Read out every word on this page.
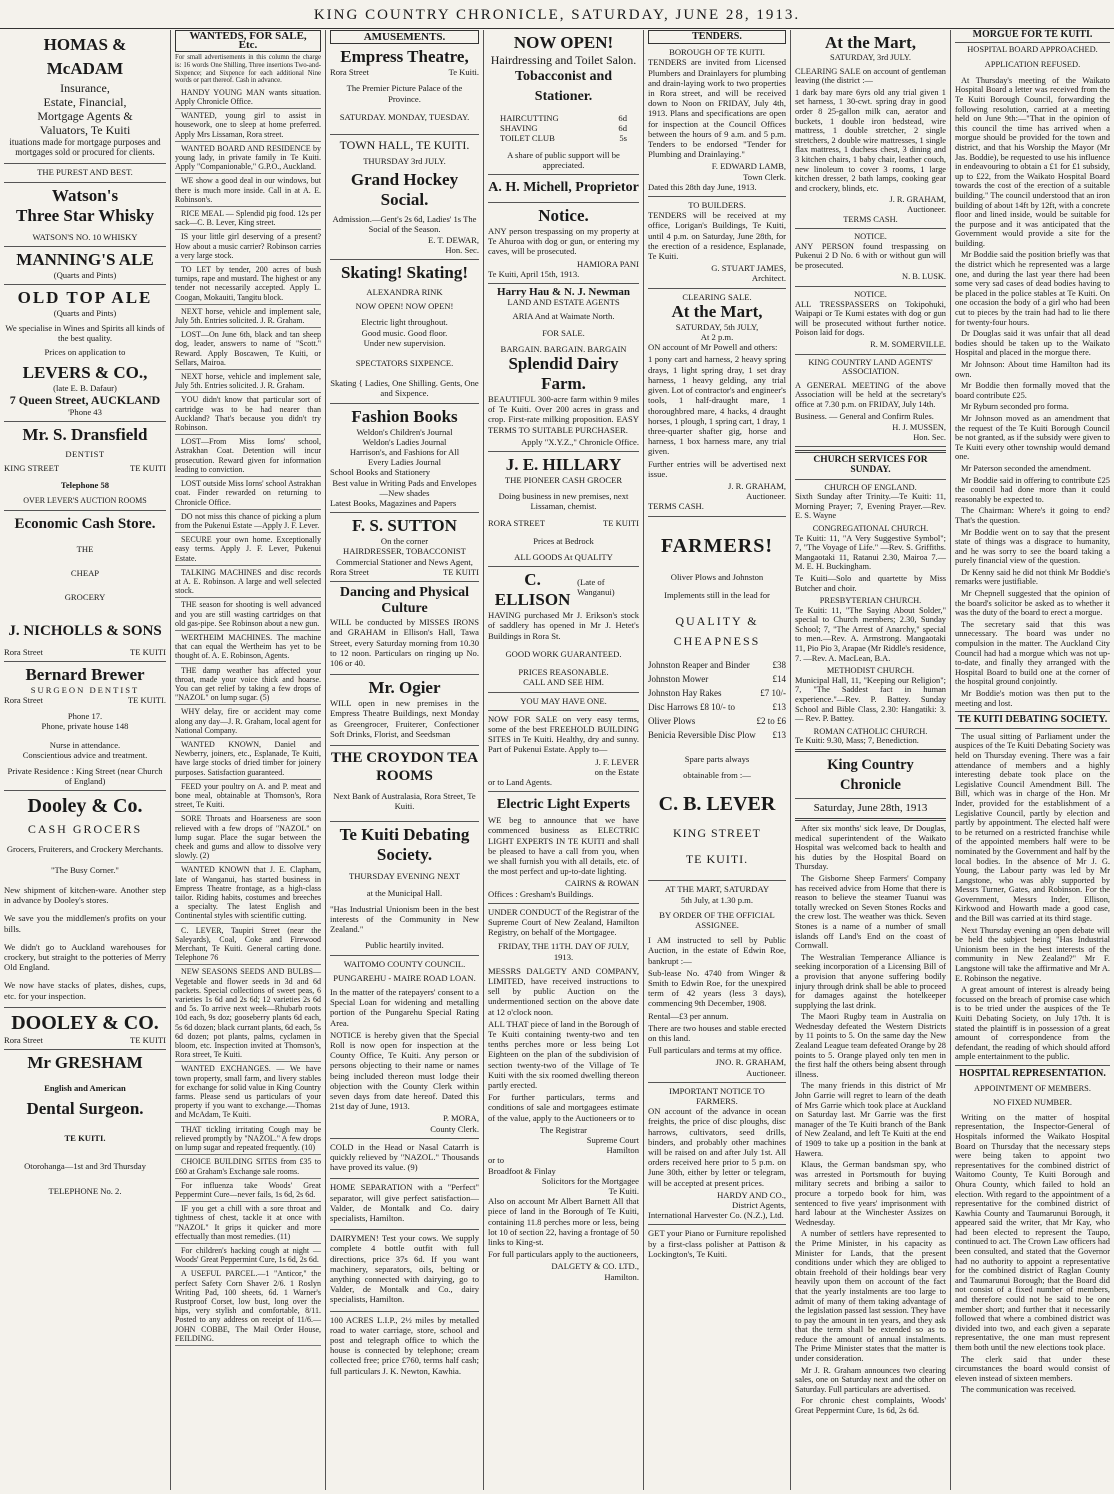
KING COUNTRY CHRONICLE, SATURDAY, JUNE 28, 1913.
HOMAS & McADAM
Insurance,
Estate, Financial,
Mortgage Agents &
Valuators, Te Kuiti

ituations made for mortgage purposes and mortgages sold or procured for clients.

THE PUREST AND BEST.
Watson's
Three Star Whisky
WATSON'S NO. 10 WHISKY
MANNING'S ALE
(Quarts and Pints)
OLD TOP ALE
(Quarts and Pints)

We specialise in Wines and Spirits all kinds of the best quality.

Prices on application to
LEVERS & CO.,
(late E. B. Dafaur)
7 Queen Street, AUCKLAND
'Phone 43
Mr. S. Dransfield
DENTIST
KING STREET	TE KUITI
Telephone 58
OVER LEVER'S AUCTION ROOMS
Economic Cash Store.
THE
CHEAP
GROCERY
J. NICHOLLS & SONS
Rora Street	TE KUITI
Bernard Brewer
SURGEON DENTIST
Rora Street	TE KUITI.
Phone 17.
Phone, private house 148
Nurse in attendance.
Conscientious advice and treatment.
Private Residence : King Street (near Church of England)
Dooley & Co.
CASH GROCERS
Grocers, Fruiterers, and Crockery Merchants.
"The Busy Corner."

New shipment of kitchen-ware. Another step in advance by Dooley's stores.

We save you the middlemen's profits on your bills.

We didn't go to Auckland warehouses for crockery, but straight to the potteries of Merry Old England.

We now have stacks of plates, dishes, cups, etc. for your inspection.

DOOLEY & CO.
Rora Street	TE KUITI
Mr GRESHAM
English and American
Dental Surgeon.
TE KUITI.
Otorohanga—1st and 3rd Thursday
TELEPHONE No. 2.
WANTEDS, FOR SALE, Etc.

For small advertisements in this column the charge is: 16 words One Shilling, Three insertions Two-and-Sixpence; and Sixpence for each additional Nine words or part thereof. Cash in advance.

HANDY YOUNG MAN wants situation. Apply Chronicle Office.

WANTED, young girl to assist in housework, one to sleep at home preferred. Apply Mrs Lissaman, Rora street.

WANTED BOARD AND RESIDENCE by young lady, in private family in Te Kuiti. Apply "Companionable," G.P.O., Auckland.

WE show a good deal in our windows, but there is much more inside. Call in at A. E. Robinson's.

RICE MEAL — Splendid pig food. 12s per sack—C. B. Lever, King street.

IS your little girl deserving of a present? How about a music carrier? Robinson carries a very large stock.

TO LET by tender, 200 acres of bush turnips, rape and mustard. The highest or any tender not necessarily accepted. Apply L. Coogan, Mokauiti, Tangitu block.

NEXT horse, vehicle and implement sale, July 5th. Entries solicited. J. R. Graham.

LOST—On June 6th, black and tan sheep dog, leader, answers to name of "Scott." Reward. Apply Boscawen, Te Kuiti, or Sellars, Mairoa.

NEXT horse, vehicle and implement sale, July 5th. Entries solicited. J. R. Graham.

YOU didn't know that particular sort of cartridge was to be had nearer than Auckland? That's because you didn't try Robinson.

LOST—From Miss Iorns' school, Astrakhan Coat. Detention will incur prosecution. Reward given for information leading to conviction.

LOST outside Miss Iorns' school Astrakhan coat. Finder rewarded on returning to Chronicle Office.

DO not miss this chance of picking a plum from the Pukenui Estate —Apply J. F. Lever.

SECURE your own home. Exceptionally easy terms. Apply J. F. Lever, Pukenui Estate.

TALKING MACHINES and disc records at A. E. Robinson. A large and well selected stock.

THE season for shooting is well advanced and you are still wasting cartridges on that old gas-pipe. See Robinson about a new gun.

WERTHEIM MACHINES. The machine that can equal the Wertheim has yet to be thought of. A. E. Robinson, Agents.

THE damp weather has affected your throat, made your voice thick and hoarse. You can get relief by taking a few drops of "NAZOL" on lump sugar. (5)

WHY delay, fire or accident may come along any day—J. R. Graham, local agent for National Company.

WANTED KNOWN, Daniel and Newberry, joiners, etc., Esplanade, Te Kuiti, have large stocks of dried timber for joinery purposes. Satisfaction guaranteed.

FEED your poultry on A. and P. meat and bone meal, obtainable at Thomson's, Rora street, Te Kuiti.

SORE Throats and Hoarseness are soon relieved with a few drops of "NAZOL" on lump sugar. Place the sugar between the cheek and gums and allow to dissolve very slowly. (2)

WANTED KNOWN that J. E. Clapham, late of Wanganui, has started business in Empress Theatre frontage, as a high-class tailor. Riding habits, costumes and breeches a specialty. The latest English and Continental styles with scientific cutting.

C. LEVER, Taupiri Street (near the Saleyards), Coal, Coke and Firewood Merchant, Te Kuiti. General carting done. Telephone 76

NEW SEASONS SEEDS AND BULBS—Vegetable and flower seeds in 3d and 6d packets. Special collections of sweet peas, 6 varieties 1s 6d and 2s 6d; 12 varieties 2s 6d and 5s. To arrive next week—Rhubarb roots 10d each, 9s doz; gooseberry plants 6d each, 5s 6d dozen; black currant plants, 6d each, 5s 6d dozen; pot plants, palms, cyclamen in bloom, etc. Inspection invited at Thomson's, Rora street, Te Kuiti.

WANTED EXCHANGES. — We have town property, small farm, and livery stables for exchange for solid value in King Country farms. Please send us particulars of your property if you want to exchange.—Thomas and McAdam, Te Kuiti.

THAT tickling irritating Cough may be relieved promptly by "NAZOL." A few drops on lump sugar and repeated frequently. (10)

CHOICE BUILDING SITES from £35 to £60 at Graham's Exchange sale rooms.

For influenza take Woods' Great Peppermint Cure—never fails, 1s 6d, 2s 6d.

IF you get a chill with a sore throat and tightness of chest, tackle it at once with "NAZOL" It grips it quicker and more effectually than most remedies. (11)

For children's hacking cough at night — Woods' Great Peppermint Cure, 1s 6d, 2s 6d.

A USEFUL PARCEL.—1 "Anticor," the perfect Safety Corn Shaver 2/6. 1 Roslyn Writing Pad, 100 sheets, 6d. 1 Warner's Rustproof Corset, low bust, long over the hips, very stylish and comfortable, 8/11. Posted to any address on receipt of 11/6.—JOHN COBBE, The Mail Order House, FEILDING.

AMUSEMENTS.
Empress Theatre,
Rora Street	Te Kuiti.
The Premier Picture Palace of the Province.
SATURDAY. MONDAY, TUESDAY.
TOWN HALL, TE KUITI.
THURSDAY 3rd JULY.
Grand Hockey Social.
Admission.—Gent's 2s 6d, Ladies' 1s The Social of the Season.
E. T. DEWAR,
Hon. Sec.
Skating! Skating!
ALEXANDRA RINK
NOW OPEN! NOW OPEN!
Electric light throughout.
Good music. Good floor.
Under new supervision.
SPECTATORS SIXPENCE.
Skating { Ladies, One Shilling. Gents, One and Sixpence.
Fashion Books
Weldon's Children's Journal
Weldon's Ladies Journal
Harrison's, and Fashions for All
Every Ladies Journal
School Books and Stationery
Best value in Writing Pads and Envelopes—New shades
Latest Books, Magazines and Papers
F. S. SUTTON
On the corner
HAIRDRESSER, TOBACCONIST
Commercial Stationer and News Agent,
Rora Street	TE KUITI
Dancing and Physical Culture

WILL be conducted by MISSES IRONS and GRAHAM in Ellison's Hall, Tawa Street, every Saturday morning from 10.30 to 12 noon. Particulars on ringing up No. 106 or 40.

Mr. Ogier

WILL open in new premises in the Empress Theatre Buildings, next Monday as Greengrocer, Fruiterer, Confectioner Soft Drinks, Florist, and Seedsman

THE CROYDON TEA ROOMS
Next Bank of Australasia, Rora Street, Te Kuiti.
Te Kuiti Debating Society.
THURSDAY EVENING NEXT
at the Municipal Hall.

"Has Industrial Unionism been in the best interests of the Community in New Zealand."

Public heartily invited.
WAITOMO COUNTY COUNCIL.
PUNGAREHU - MAIRE ROAD LOAN.

In the matter of the ratepayers' consent to a Special Loan for widening and metalling portion of the Pungarehu Special Rating Area.

NOTICE is hereby given that the Special Roll is now open for inspection at the County Office, Te Kuiti. Any person or persons objecting to their name or names being included thereon must lodge their objection with the County Clerk within seven days from date hereof. Dated this 21st day of June, 1913.

P. MORA,
County Clerk.

COLD in the Head or Nasal Catarrh is quickly relieved by "NAZOL." Thousands have proved its value. (9)

HOME SEPARATION with a "Perfect" separator, will give perfect satisfaction—Valder, de Montalk and Co. dairy specialists, Hamilton.

DAIRYMEN! Test your cows. We supply complete 4 bottle outfit with full directions, price 37s 6d. If you want machinery, separators, oils, belting or anything connected with dairying, go to Valder, de Montalk and Co., dairy specialists, Hamilton.

100 ACRES L.I.P., 2½ miles by metalled road to water carriage, store, school and post and telegraph office to which the house is connected by telephone; cream collected free; price £760, terms half cash; full particulars J. K. Newton, Kawhia.

NOW OPEN!
Hairdressing and Toilet Salon.
Tobacconist and Stationer.
HAIRCUTTING	6d
SHAVING	6d
TOILET CLUB	5s
A share of public support will be appreciated.
A. H. Michell, Proprietor
Notice.

ANY person trespassing on my property at Te Ahuroa with dog or gun, or entering my caves, will be prosecuted.

HAMIORA PANI
Te Kuiti, April 15th, 1913.
Harry Hau & N. J. Newman
LAND AND ESTATE AGENTS
ARIA And at Waimate North.
FOR SALE.
BARGAIN. BARGAIN. BARGAIN
Splendid Dairy Farm.

BEAUTIFUL 300-acre farm within 9 miles of Te Kuiti. Over 200 acres in grass and crop. First-rate milking proposition. EASY TERMS TO SUITABLE PURCHASER.

Apply "X.Y.Z.," Chronicle Office.
J. E. HILLARY
THE PIONEER CASH GROCER
Doing business in new premises, next Lissaman, chemist.
RORA STREET	TE KUITI
Prices at Bedrock
ALL GOODS At QUALITY
C. ELLISON
(Late of Wanganui)

HAVING purchased Mr J. Erikson's stock of saddlery has opened in Mr J. Hetet's Buildings in Rora St.

GOOD WORK GUARANTEED.
PRICES REASONABLE.
CALL AND SEE HIM.
YOU MAY HAVE ONE.

NOW FOR SALE on very easy terms, some of the best FREEHOLD BUILDING SITES in Te Kuiti. Healthy, dry and sunny. Part of Pukenui Estate. Apply to—

J. F. LEVER
on the Estate
or to Land Agents.
Electric Light Experts

WE beg to announce that we have commenced business as ELECTRIC LIGHT EXPERTS IN TE KUITI and shall be pleased to have a call from you, when we shall furnish you with all details, etc. of the most perfect and up-to-date lighting.

CAIRNS & ROWAN
Offices : Gresham's Buildings.

UNDER CONDUCT of the Registrar of the Supreme Court of New Zealand, Hamilton Registry, on behalf of the Mortgagee.

FRIDAY, THE 11TH. DAY OF JULY, 1913.

MESSRS DALGETY AND COMPANY, LIMITED, have received instructions to sell by public Auction on the undermentioned section on the above date at 12 o'clock noon.

ALL THAT piece of land in the Borough of Te Kuiti containing twenty-two and ten tenths perches more or less being Lot Eighteen on the plan of the subdivision of section twenty-two of the Village of Te Kuiti with the six roomed dwelling thereon partly erected.

For further particulars, terms and conditions of sale and mortgagees estimate of the value, apply to the Auctioneers or to

The Registrar
Supreme Court
Hamilton
or to
Broadfoot & Finlay
Solicitors for the Mortgagee
Te Kuiti.

Also on account Mr Albert Barnett All that piece of land in the Borough of Te Kuiti, containing 11.8 perches more or less, being lot 10 of section 22, having a frontage of 50 links to King-st.

For full particulars apply to the auctioneers,

DALGETY & CO. LTD.,
Hamilton.
TENDERS.
BOROUGH OF TE KUITI.

TENDERS are invited from Licensed Plumbers and Drainlayers for plumbing and drain-laying work to two properties in Rora street, and will be received down to Noon on FRIDAY, July 4th, 1913. Plans and specifications are open for inspection at the Council Offices between the hours of 9 a.m. and 5 p.m. Tenders to be endorsed "Tender for Plumbing and Drainlaying."

F. EDWARD LAMB,
Town Clerk.
Dated this 28th day June, 1913.
TO BUILDERS.

TENDERS will be received at my office, Lorigan's Buildings, Te Kuiti, until 4 p.m. on Saturday, June 28th, for the erection of a residence, Esplanade, Te Kuiti.

G. STUART JAMES,
Architect.
CLEARING SALE.
At the Mart,
SATURDAY, 5th JULY,
At 2 p.m.

ON account of Mr Powell and others:

1 pony cart and harness, 2 heavy spring drays, 1 light spring dray, 1 set dray harness, 1 heavy gelding, any trial given. Lot of contractor's and engineer's tools, 1 half-draught mare, 1 thoroughbred mare, 4 hacks, 4 draught horses, 1 plough, 1 spring cart, 1 dray, 1 three-quarter shafter gig, horse and harness, 1 box harness mare, any trial given.

Further entries will be advertised next issue.

J. R. GRAHAM,
Auctioneer.
TERMS CASH.
FARMERS!
Oliver Plows and Johnston
Implements still in the lead for
QUALITY &
CHEAPNESS
Johnston Reaper and Binder	£38
Johnston Mower	£14
Johnston Hay Rakes	£7 10/-
Disc Harrows £8 10/- to	£13
Oliver Plows	£2 to £6
Benicia Reversible Disc Plow £13
Spare parts always
obtainable from :—
C. B. LEVER
KING STREET
TE KUITI.
AT THE MART, SATURDAY
5th July, at 1.30 p.m.
BY ORDER OF THE OFFICIAL ASSIGNEE.

I AM instructed to sell by Public Auction, in the estate of Edwin Roe, bankrupt :—

Sub-lease No. 4740 from Winger & Smith to Edwin Roe, for the unexpired term of 42 years (less 3 days), commencing 9th December, 1908.

Rental—£3 per annum.

There are two houses and stable erected on this land.

Full particulars and terms at my office.

JNO. R. GRAHAM,
Auctioneer.
IMPORTANT NOTICE TO FARMERS.

ON account of the advance in ocean freights, the price of disc ploughs, disc harrows, cultivators, seed drills, binders, and probably other machines will be raised on and after July 1st. All orders received here prior to 5 p.m. on June 30th, either by letter or telegram, will be accepted at present prices.

HARDY AND CO.,
District Agents,
International Harvester Co. (N.Z.), Ltd.

GET your Piano or Furniture repolished by a first-class polisher at Pattison & Lockington's, Te Kuiti.

At the Mart,
SATURDAY, 3rd JULY.

CLEARING SALE on account of gentleman leaving (the district :—

1 dark bay mare 6yrs old any trial given 1 set harness, 1 30-cwt. spring dray in good order 8 25-gallon milk can, aerator and buckets, 1 double iron bedstead, wire mattress, 1 double stretcher, 2 single stretchers, 2 double wire mattresses, 1 single flax mattress, 1 duchess chest, 3 dining and 3 kitchen chairs, 1 baby chair, leather couch, new linoleum to cover 3 rooms, 1 large kitchen dresser, 2 bath lamps, cooking gear and crockery, blinds, etc.

J. R. GRAHAM,
Auctioneer.
TERMS CASH.
NOTICE.

ANY PERSON found trespassing on Pukenui 2 D No. 6 with or without gun will be prosecuted.

N. B. LUSK.
NOTICE.

ALL TRESSPASSERS on Tokipohuki, Waipapi or Te Kumi estates with dog or gun will be prosecuted without further notice. Poison laid for dogs.

R. M. SOMERVILLE.
KING COUNTRY LAND AGENTS' ASSOCIATION.

A GENERAL MEETING of the above Association will be held at the secretary's office at 7.30 p.m. on FRIDAY, July 14th.

Business. — General and Confirm Rules.

H. J. MUSSEN,
Hon. Sec.
CHURCH SERVICES FOR SUNDAY.
CHURCH OF ENGLAND.

Sixth Sunday after Trinity.—Te Kuiti: 11, Morning Prayer; 7, Evening Prayer.—Rev. E. S. Wayne

CONGREGATIONAL CHURCH.

Te Kuiti: 11, "A Very Suggestive Symbol"; 7, "The Voyage of Life." —Rev. S. Griffiths. Mangaotaki 11, Ratanui 2.30, Mairoa 7.—M. E. H. Buckingham.

Te Kuiti—Solo and quartette by Miss Butcher and choir.

PRESBYTERIAN CHURCH.

Te Kuiti: 11, "The Saying About Solder," special to Church members; 2.30, Sunday School; 7, "The Arrest of Anarchy," special to men.—Rev. A. Armstrong. Mangaotaki 11, Pio Pio 3, Arapae (Mr Riddle's residence, 7. —Rev. A. MacLean, B.A.

METHODIST CHURCH.

Municipal Hall, 11, "Keeping our Religion"; 7, "The Saddest fact in human experience."—Rev. P. Battey. Sunday School and Bible Class, 2.30: Hangatiki: 3. — Rev. P. Battey.

ROMAN CATHOLIC CHURCH.

Te Kuiti: 9.30, Mass; 7, Benediction.

King Country Chronicle
Saturday, June 28th, 1913

After six months' sick leave, Dr Douglas, medical superintendent of the Waikato Hospital was welcomed back to health and his duties by the Hospital Board on Thursday.

The Gisborne Sheep Farmers' Company has received advice from Home that there is reason to believe the steamer Tuanui was totally wrecked on Seven Stones Rocks and the crew lost. The weather was thick. Seven Stones is a name of a number of small islands off Land's End on the coast of Cornwall.

The Westralian Temperance Alliance is seeking incorporation of a Licensing Bill of a provision that anyone suffering bodily injury through drink shall be able to proceed for damages against the hotelkeeper supplying the last drink.

The Maori Rugby team in Australia on Wednesday defeated the Western Districts by 11 points to 5. On the same day the New Zealand League team defeated Orange by 28 points to 5. Orange played only ten men in the first half the others being absent through illness.

The many friends in this district of Mr John Garrie will regret to learn of the death of Mrs Garrie which took place at Auckland on Saturday last. Mr Garrie was the first manager of the Te Kuiti branch of the Bank of New Zealand, and left Te Kuiti at the end of 1909 to take up a position in the bank at Hawera.

Klaus, the German bandsman spy, who was arrested in Portsmouth for buying military secrets and bribing a sailor to procure a torpedo book for him, was sentenced to five years' imprisonment with hard labour at the Winchester Assizes on Wednesday.

A number of settlers have represented to the Prime Minister, in his capacity as Minister for Lands, that the present conditions under which they are obliged to obtain freehold of their holdings bear very heavily upon them on account of the fact that the yearly instalments are too large to admit of many of them taking advantage of the legislation passed last session. They have to pay the amount in ten years, and they ask that the term shall be extended so as to reduce the amount of annual instalments. The Prime Minister states that the matter is under consideration.

Mr J. R. Graham announces two clearing sales, one on Saturday next and the other on Saturday. Full particulars are advertised.

For chronic chest complaints, Woods' Great Peppermint Cure, 1s 6d, 2s 6d.

MORGUE FOR TE KUITI.
HOSPITAL BOARD APPROACHED.
APPLICATION REFUSED.

At Thursday's meeting of the Waikato Hospital Board a letter was received from the Te Kuiti Borough Council, forwarding the following resolution, carried at a meeting held on June 9th:—"That in the opinion of this council the time has arrived when a morgue should be provided for the town and district, and that his Worship the Mayor (Mr Jas. Boddie), be requested to use his influence in endeavouring to obtain a £1 for £1 subsidy, up to £22, from the Waikato Hospital Board towards the cost of the erection of a suitable building." The council understood that an iron building of about 14ft by 12ft, with a concrete floor and lined inside, would be suitable for the purpose and it was anticipated that the Government would provide a site for the building.

Mr Boddie said the position briefly was that the district which he represented was a large one, and during the last year there had been some very sad cases of dead bodies having to be placed in the police stables at Te Kuiti. On one occasion the body of a girl who had been cut to pieces by the train had had to lie there for twenty-four hours.

Dr Douglas said it was unfair that all dead bodies should be taken up to the Waikato Hospital and placed in the morgue there.

Mr Johnson: About time Hamilton had its own.

Mr Boddie then formally moved that the board contribute £25.

Mr Ryburn seconded pro forma.

Mr Johnson moved as an amendment that the request of the Te Kuiti Borough Council be not granted, as if the subsidy were given to Te Kuiti every other township would demand one.

Mr Paterson seconded the amendment.

Mr Boddie said in offering to contribute £25 the council had done more than it could reasonably be expected to.

The Chairman: Where's it going to end? That's the question.

Mr Boddie went on to say that the present state of things was a disgrace to humanity, and he was sorry to see the board taking a purely financial view of the question.

Dr Kenny said he did not think Mr Boddie's remarks were justifiable.

Mr Chepnell suggested that the opinion of the board's solicitor be asked as to whether it was the duty of the board to erect a morgue.

The secretary said that this was unnecessary. The board was under no compulsion in the matter. The Auckland City Council had had a morgue which was not up-to-date, and finally they arranged with the Hospital Board to build one at the corner of the hospital ground conjointly.

Mr Boddie's motion was then put to the meeting and lost.

TE KUITI DEBATING SOCIETY.

The usual sitting of Parliament under the auspices of the Te Kuiti Debating Society was held on Thursday evening. There was a fair attendance of members and a highly interesting debate took place on the Legislative Council Amendment Bill. The Bill, which was in charge of the Hon. Mr Inder, provided for the establishment of a Legislative Council, partly by election and partly by appointment. The elected half were to be returned on a restricted franchise while of the appointed members half were to be nominated by the Government and half by the local bodies. In the absence of Mr J. G. Young, the Labour party was led by Mr Langstone, who was ably supported by Messrs Turner, Gates, and Robinson. For the Government, Messrs Inder, Ellison, Kirkwood and Howarth made a good case, and the Bill was carried at its third stage.

Next Thursday evening an open debate will be held the subject being "Has Industrial Unionism been in the best interests of the community in New Zealand?" Mr F. Langstone will take the affirmative and Mr A. E. Robinson the negative.

A great amount of interest is already being focussed on the breach of promise case which is to be tried under the auspices of the Te Kuiti Debating Society, on July 17th. It is stated the plaintiff is in possession of a great amount of correspondence from the defendant, the reading of which should afford ample entertainment to the public.

HOSPITAL REPRESENTATION.
APPOINTMENT OF MEMBERS.
NO FIXED NUMBER.

Writing on the matter of hospital representation, the Inspector-General of Hospitals informed the Waikato Hospital Board on Thursday that the necessary steps were being taken to appoint two representatives for the combined district of Waitomo County, Te Kuiti Borough and Ohura County, which failed to hold an election. With regard to the appointment of a representative for the combined district of Kawhia County and Taumarunui Borough, it appeared said the writer, that Mr Kay, who had been elected to represent the Taupo, continued to act. The Crown Law officers had been consulted, and stated that the Governor had no authority to appoint a representative for the combined district of Raglan County and Taumarunui Borough; that the Board did not consist of a fixed number of members, and therefore could not be said to be one member short; and further that it necessarily followed that where a combined district was divided into two, and each given a separate representative, the one man must represent them both until the new elections took place.

The clerk said that under these circumstances the board would consist of eleven instead of sixteen members.

The communication was received.
